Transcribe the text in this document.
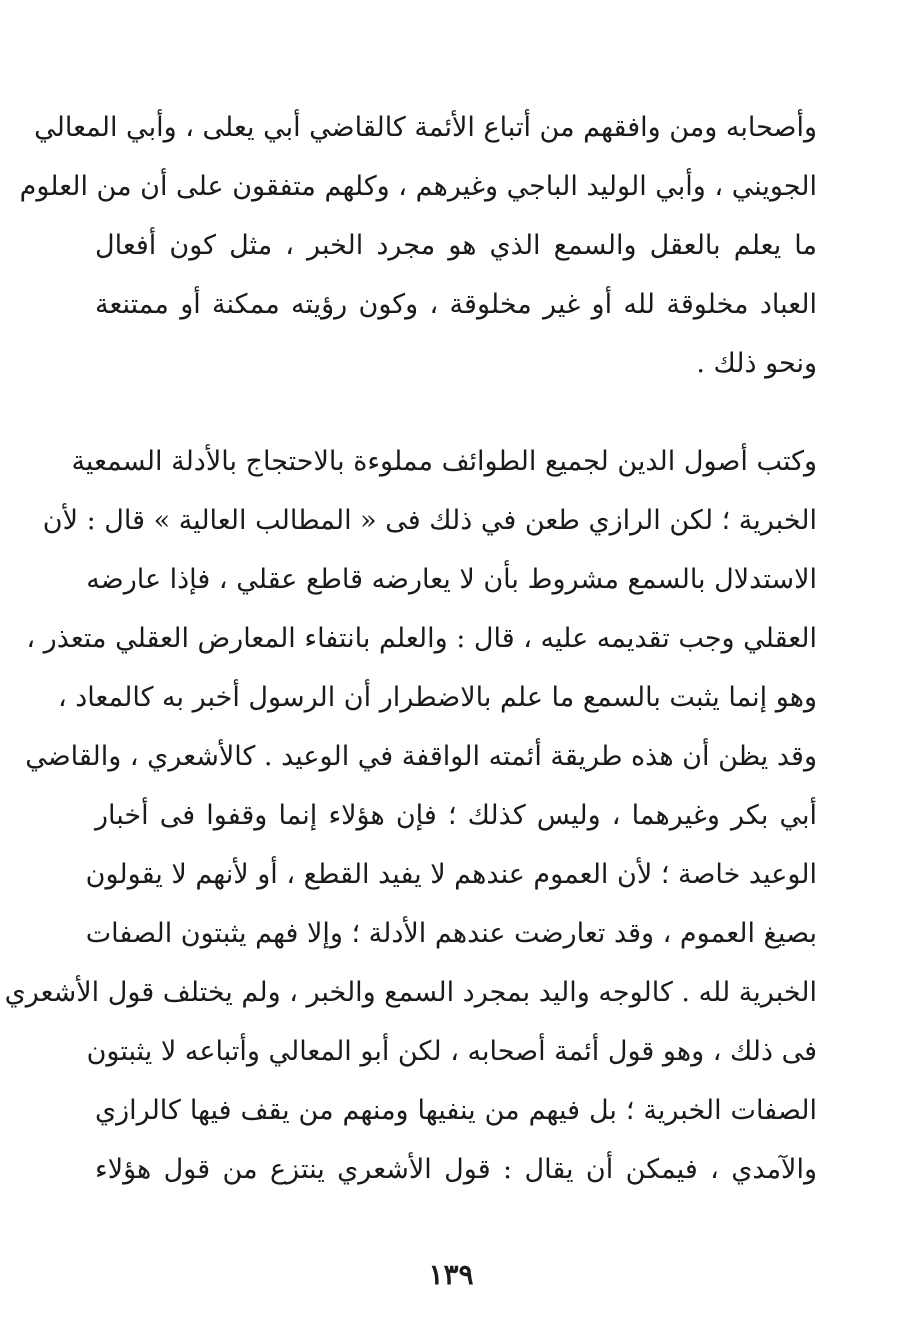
وأصحابه ومن وافقهم من أتباع الأئمة كالقاضي أبي يعلى ، وأبي المعالي
الجويني ، وأبي الوليد الباجي وغيرهم ، وكلهم متفقون على أن من العلوم
ما يعلم بالعقل والسمع الذي هو مجرد الخبر ، مثل كون أفعال
العباد مخلوقة لله أو غير مخلوقة ، وكون رؤيته ممكنة أو ممتنعة
ونحو ذلك .
وكتب أصول الدين لجميع الطوائف مملوءة بالاحتجاج بالأدلة السمعية
الخبرية ؛ لكن الرازي طعن في ذلك فى « المطالب العالية » قال : لأن
الاستدلال بالسمع مشروط بأن لا يعارضه قاطع عقلي ، فإذا عارضه
العقلي وجب تقديمه عليه ، قال : والعلم بانتفاء المعارض العقلي متعذر ،
وهو إنما يثبت بالسمع ما علم بالاضطرار أن الرسول أخبر به كالمعاد ،
وقد يظن أن هذه طريقة أئمته الواقفة في الوعيد . كالأشعري ، والقاضي
أبي بكر وغيرهما ، وليس كذلك ؛ فإن هؤلاء إنما وقفوا فى أخبار
الوعيد خاصة ؛ لأن العموم عندهم لا يفيد القطع ، أو لأنهم لا يقولون
بصيغ العموم ، وقد تعارضت عندهم الأدلة ؛ وإلا فهم يثبتون الصفات
الخبرية لله . كالوجه واليد بمجرد السمع والخبر ، ولم يختلف قول الأشعري
فى ذلك ، وهو قول أئمة أصحابه ، لكن أبو المعالي وأتباعه لا يثبتون
الصفات الخبرية ؛ بل فيهم من ينفيها ومنهم من يقف فيها كالرازي
والآمدي ، فيمكن أن يقال : قول الأشعري ينتزع من قول هؤلاء
١٣٩
